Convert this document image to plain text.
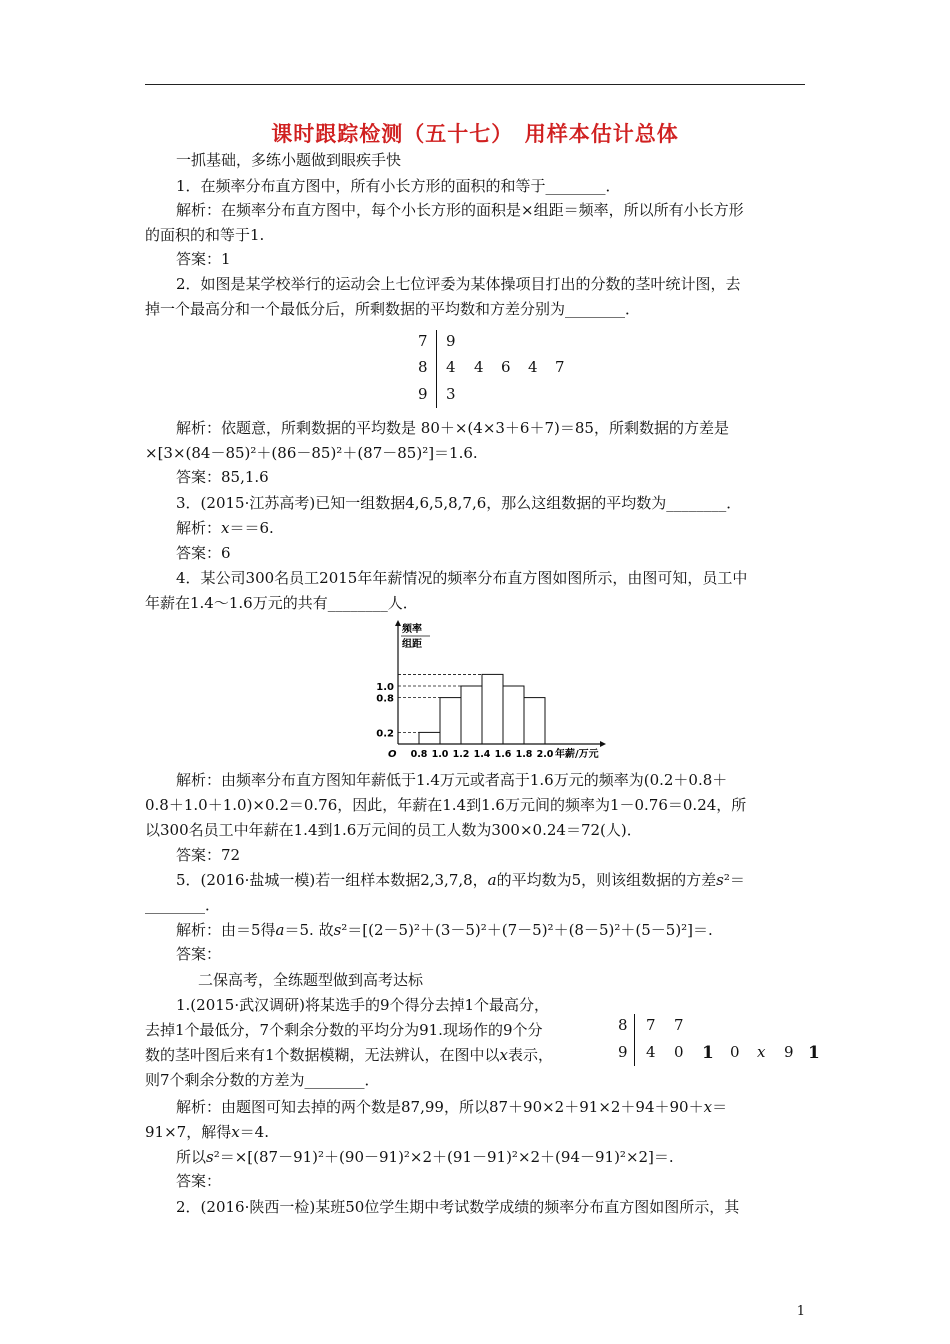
课时跟踪检测（五十七）　用样本估计总体
一抓基础，多练小题做到眼疾手快
1．在频率分布直方图中，所有小长方形的面积的和等于________．
解析：在频率分布直方图中，每个小长方形的面积是×组距＝频率，所以所有小长方形
的面积的和等于1.
答案：1
2．如图是某学校举行的运动会上七位评委为某体操项目打出的分数的茎叶统计图，去
掉一个最高分和一个最低分后，所剩数据的平均数和方差分别为________．
7 9
8 4 4 6 4 7
9 3
解析：依题意，所剩数据的平均数是 80＋×(4×3＋6＋7)＝85，所剩数据的方差是
×[3×(84－85)²＋(86－85)²＋(87－85)²]＝1.6.
答案：85,1.6
3．(2015·江苏高考)已知一组数据4,6,5,8,7,6，那么这组数据的平均数为________．
解析：x＝＝6.
答案：6
4．某公司300名员工2015年年薪情况的频率分布直方图如图所示，由图可知，员工中
年薪在1.4～1.6万元的共有________人．
频率
组距
0.2
0.8
1.0
0.8 1.0 1.2 1.4 1.6 1.8 2.0
O	年薪/万元
解析：由频率分布直方图知年薪低于1.4万元或者高于1.6万元的频率为(0.2＋0.8＋
0.8＋1.0＋1.0)×0.2＝0.76，因此，年薪在1.4到1.6万元间的频率为1－0.76＝0.24，所
以300名员工中年薪在1.4到1.6万元间的员工人数为300×0.24＝72(人)．
答案：72
5．(2016·盐城一模)若一组样本数据2,3,7,8，a的平均数为5，则该组数据的方差s²＝
________．
解析：由＝5得a＝5. 故s²＝[(2－5)²＋(3－5)²＋(7－5)²＋(8－5)²＋(5－5)²]＝.
答案：
二保高考，全练题型做到高考达标
1.(2015·武汉调研)将某选手的9个得分去掉1个最高分，
去掉1个最低分，7个剩余分数的平均分为91.现场作的9个分
数的茎叶图后来有1个数据模糊，无法辨认，在图中以x表示，
则7个剩余分数的方差为________．
8 7 7
9 4 0 1 0 x 9 1
解析：由题图可知去掉的两个数是87,99，所以87＋90×2＋91×2＋94＋90＋x＝
91×7，解得x＝4.
所以s²＝×[(87－91)²＋(90－91)²×2＋(91－91)²×2＋(94－91)²×2]＝.
答案：
2．(2016·陕西一检)某班50位学生期中考试数学成绩的频率分布直方图如图所示，其
1
